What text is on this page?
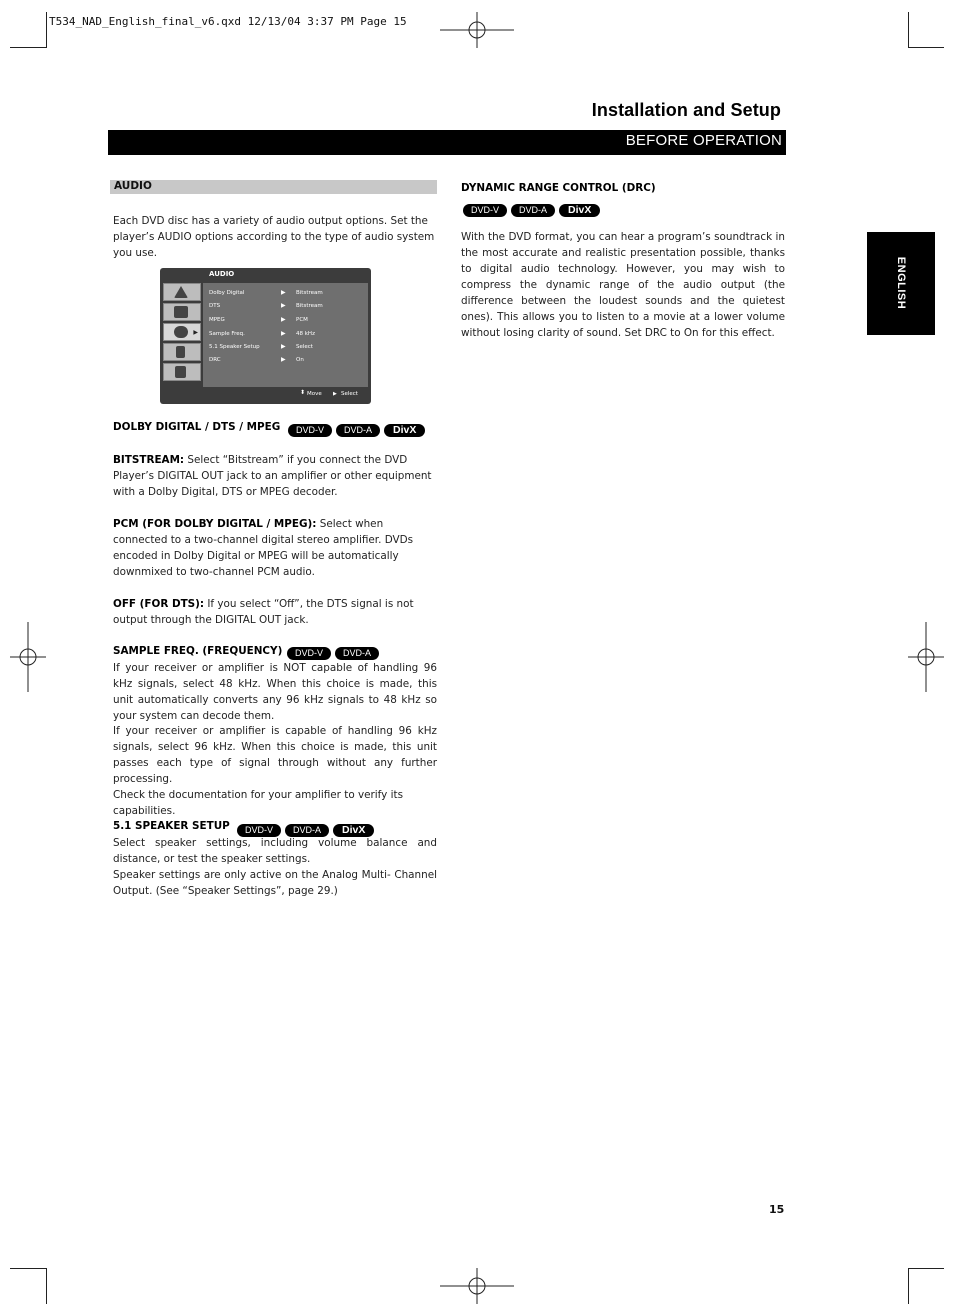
T534_NAD_English_final_v6.qxd 12/13/04 3:37 PM Page 15
Installation and Setup
BEFORE OPERATION
ENGLISH
AUDIO
Each DVD disc has a variety of audio output options. Set the player’s AUDIO options according to the type of audio system you use.
AUDIO
▶
Dolby Digital	▶ Bitstream
DTS	▶ Bitstream
MPEG	▶ PCM
Sample Freq.	▶ 48 kHz
5.1 Speaker Setup	▶ Select
DRC	▶ On
⬍ Move ▶ Select
DOLBY DIGITAL / DTS / MPEG	DVD-V DVD-A DivX
BITSTREAM: Select “Bitstream” if you connect the DVD Player’s DIGITAL OUT jack to an amplifier or other equipment with a Dolby Digital, DTS or MPEG decoder.
PCM (FOR DOLBY DIGITAL / MPEG): Select when connected to a two-channel digital stereo amplifier. DVDs encoded in Dolby Digital or MPEG will be automatically downmixed to two-channel PCM audio.
OFF (FOR DTS): If you select “Off”, the DTS signal is not output through the DIGITAL OUT jack.
SAMPLE FREQ. (FREQUENCY)	DVD-V DVD-A
If your receiver or amplifier is NOT capable of handling 96 kHz signals, select 48 kHz. When this choice is made, this unit automatically converts any 96 kHz signals to 48 kHz so your system can decode them.
If your receiver or amplifier is capable of handling 96 kHz signals, select 96 kHz. When this choice is made, this unit passes each type of signal through without any further processing.
Check the documentation for your amplifier to verify its capabilities.
5.1 SPEAKER SETUP	DVD-V DVD-A DivX
Select speaker settings, including volume balance and distance, or test the speaker settings.
Speaker settings are only active on the Analog Multi- Channel Output. (See “Speaker Settings”, page 29.)
DYNAMIC RANGE CONTROL (DRC)
DVD-V DVD-A DivX
With the DVD format, you can hear a program’s soundtrack in the most accurate and realistic presentation possible, thanks to digital audio technology. However, you may wish to compress the dynamic range of the audio output (the difference between the loudest sounds and the quietest ones). This allows you to listen to a movie at a lower volume without losing clarity of sound. Set DRC to On for this effect.
15
